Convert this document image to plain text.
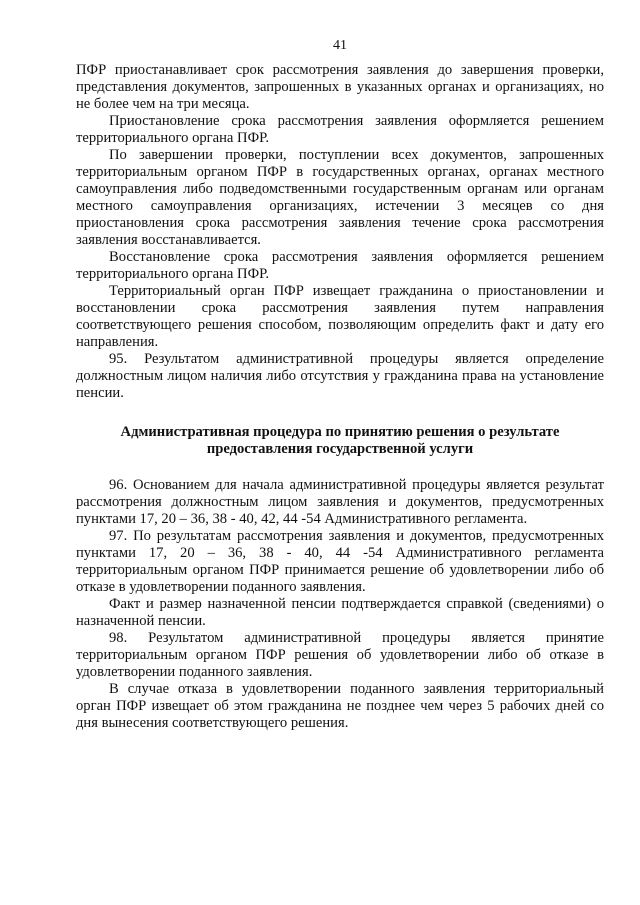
41

ПФР приостанавливает срок рассмотрения заявления до завершения проверки, представления документов, запрошенных в указанных органах и организациях, но не более чем на три месяца.

Приостановление срока рассмотрения заявления оформляется решением территориального органа ПФР.

По завершении проверки, поступлении всех документов, запрошенных территориальным органом ПФР в государственных органах, органах местного самоуправления либо подведомственными государственным органам или органам местного самоуправления организациях, истечении 3 месяцев со дня приостановления срока рассмотрения заявления течение срока рассмотрения заявления восстанавливается.

Восстановление срока рассмотрения заявления оформляется решением территориального органа ПФР.

Территориальный орган ПФР извещает гражданина о приостановлении и восстановлении срока рассмотрения заявления путем направления соответствующего решения способом, позволяющим определить факт и дату его направления.

95. Результатом административной процедуры является определение должностным лицом наличия либо отсутствия у гражданина права на установление пенсии.

Административная процедура по принятию решения о результате
предоставления государственной услуги

96. Основанием для начала административной процедуры является результат рассмотрения должностным лицом заявления и документов, предусмотренных пунктами 17, 20 – 36, 38 - 40, 42, 44 -54 Административного регламента.

97. По результатам рассмотрения заявления и документов, предусмотренных пунктами 17, 20 – 36, 38 - 40, 44 -54 Административного регламента территориальным органом ПФР принимается решение об удовлетворении либо об отказе в удовлетворении поданного заявления.

Факт и размер назначенной пенсии подтверждается справкой (сведениями) о назначенной пенсии.

98. Результатом административной процедуры является принятие территориальным органом ПФР решения об удовлетворении либо об отказе в удовлетворении поданного заявления.

В случае отказа в удовлетворении поданного заявления территориальный орган ПФР извещает об этом гражданина не позднее чем через 5 рабочих дней со дня вынесения соответствующего решения.
